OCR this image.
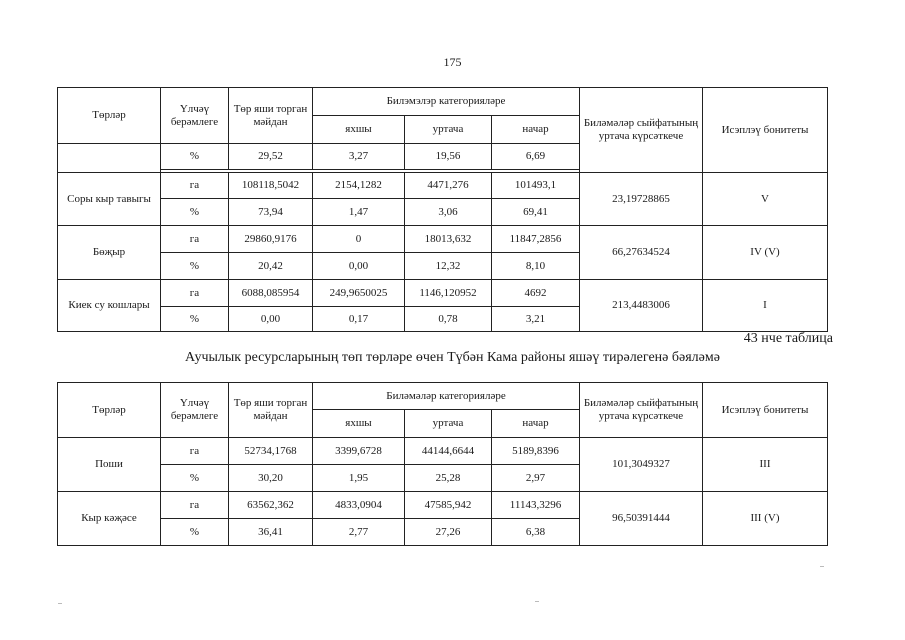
175
Төрләр	Үлчәү берәмлеге	Төр яши торган мәйдан	Билэмэлэр категорияләре			Биләмәләр сыйфатының уртача күрсәткече	Исэплэү бонитеты
			яхшы	уртача	начар		
	%	29,52	3,27	19,56	6,69		

Соры кыр тавыгы	га	108118,5042	2154,1282	4471,276	101493,1	23,19728865	V
	%	73,94	1,47	3,06	69,41		
Бөҗыр	га	29860,9176	0	18013,632	11847,2856	66,27634524	IV (V)
	%	20,42	0,00	12,32	8,10		
Киек су кошлары	га	6088,085954	249,9650025	1146,120952	4692	213,4483006	I
	%	0,00	0,17	0,78	3,21		
43 нче таблица
Аучылык ресурсларының төп төрләре өчен Түбән Кама районы яшәү тирәлегенә бәяләмә
Төрләр	Үлчәү берәмлеге	Төр яши торган мәйдан	Биләмәләр категорияләре			Биләмәләр сыйфатының уртача күрсәткече	Исэплэү бонитеты
			яхшы	уртача	начар		
Поши	га	52734,1768	3399,6728	44144,6644	5189,8396	101,3049327	III
	%	30,20	1,95	25,28	2,97		
Кыр кәҗәсе	га	63562,362	4833,0904	47585,942	11143,3296	96,50391444	III (V)
	%	36,41	2,77	27,26	6,38		
